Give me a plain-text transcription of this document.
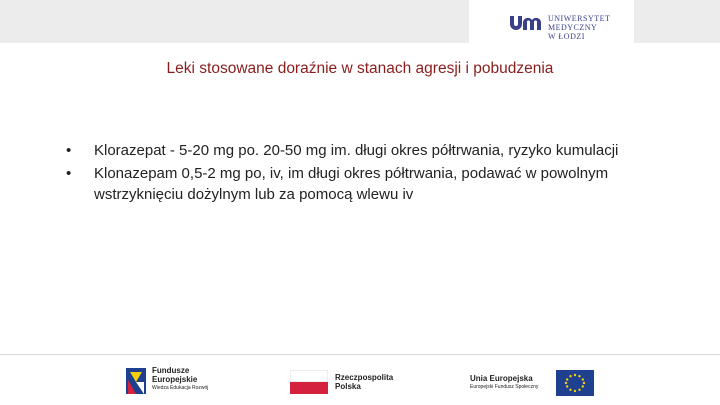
UNIWERSYTET
MEDYCZNY
W ŁODZI
Leki stosowane doraźnie w stanach agresji i pobudzenia
• Klorazepat - 5-20 mg po. 20-50 mg im. długi okres półtrwania, ryzyko kumulacji
• Klonazepam 0,5-2 mg po, iv, im długi okres półtrwania, podawać w powolnym wstrzyknięciu dożylnym lub za pomocą wlewu iv
Fundusze
Europejskie
Wiedza Edukacja Rozwój
Rzeczpospolita
Polska
Unia Europejska
Europejski Fundusz Społeczny
